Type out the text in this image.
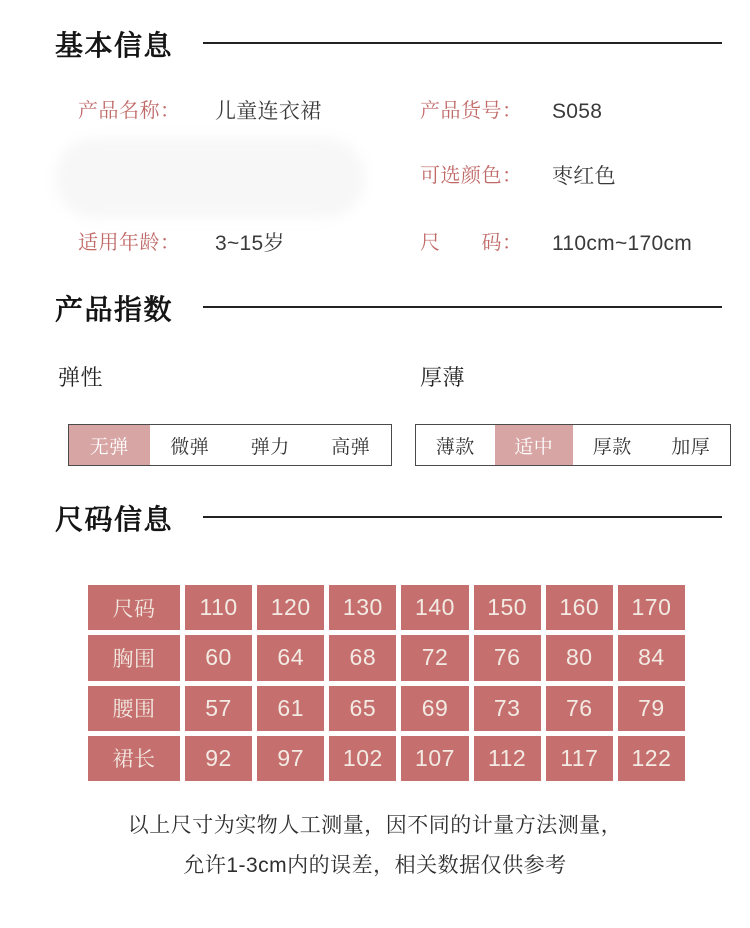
基本信息
产品名称： 儿童连衣裙	产品货号： S058
可选颜色： 枣红色
适用年龄： 3~15岁	尺　　码： 110cm~170cm
产品指数
弹性	厚薄
无弹	微弹	弹力	高弹	薄款	适中	厚款	加厚
尺码信息
尺码	110	120	130	140	150	160	170
胸围	60	64	68	72	76	80	84
腰围	57	61	65	69	73	76	79
裙长	92	97	102	107	112	117	122
以上尺寸为实物人工测量，因不同的计量方法测量，
允许1-3cm内的误差，相关数据仅供参考
